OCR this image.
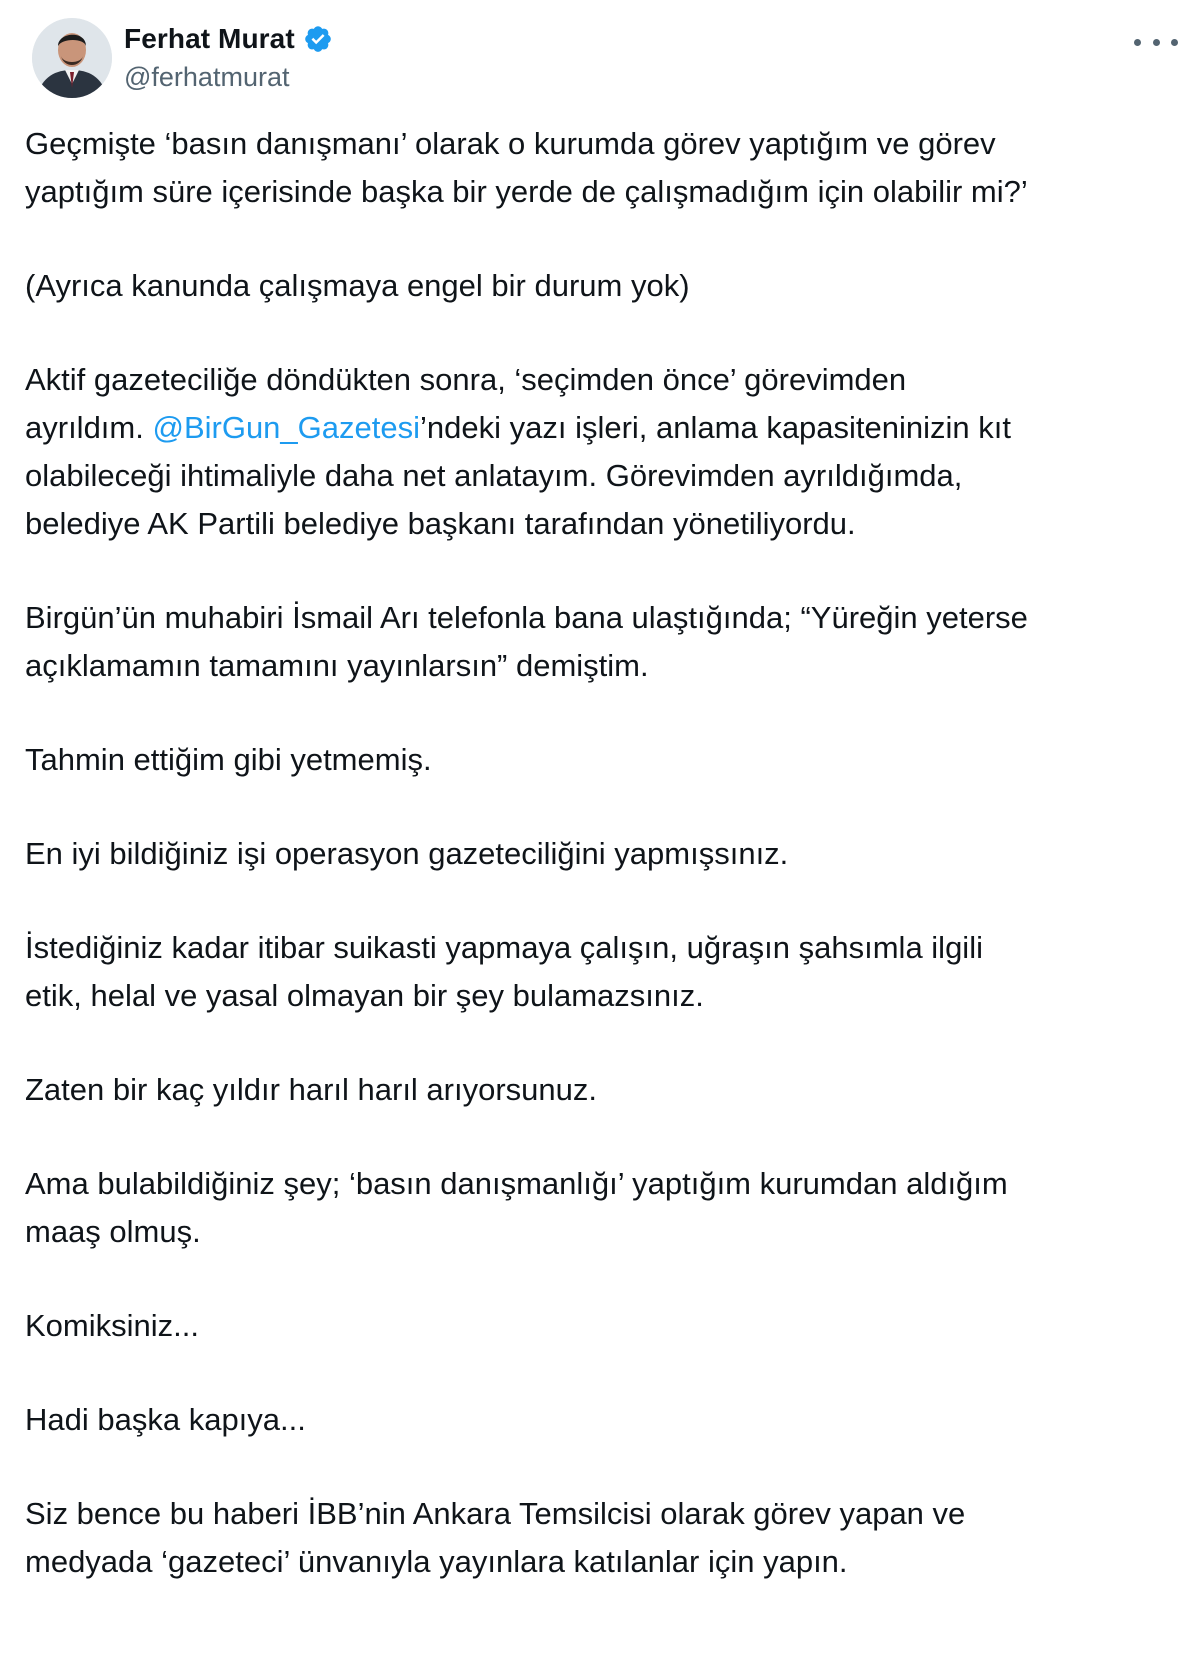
Ferhat Murat
@ferhatmurat

Geçmişte ‘basın danışmanı’ olarak o kurumda görev yaptığım ve görev
yaptığım süre içerisinde başka bir yerde de çalışmadığım için olabilir mi?’

(Ayrıca kanunda çalışmaya engel bir durum yok)

Aktif gazeteciliğe döndükten sonra, ‘seçimden önce’ görevimden
ayrıldım. @BirGun_Gazetesi’ndeki yazı işleri, anlama kapasiteninizin kıt
olabileceği ihtimaliyle daha net anlatayım. Görevimden ayrıldığımda,
belediye AK Partili belediye başkanı tarafından yönetiliyordu.

Birgün’ün muhabiri İsmail Arı telefonla bana ulaştığında; “Yüreğin yeterse
açıklamamın tamamını yayınlarsın” demiştim.

Tahmin ettiğim gibi yetmemiş.

En iyi bildiğiniz işi operasyon gazeteciliğini yapmışsınız.

İstediğiniz kadar itibar suikasti yapmaya çalışın, uğraşın şahsımla ilgili
etik, helal ve yasal olmayan bir şey bulamazsınız.

Zaten bir kaç yıldır harıl harıl arıyorsunuz.

Ama bulabildiğiniz şey; ‘basın danışmanlığı’ yaptığım kurumdan aldığım
maaş olmuş.

Komiksiniz...

Hadi başka kapıya...

Siz bence bu haberi İBB’nin Ankara Temsilcisi olarak görev yapan ve
medyada ‘gazeteci’ ünvanıyla yayınlara katılanlar için yapın.
